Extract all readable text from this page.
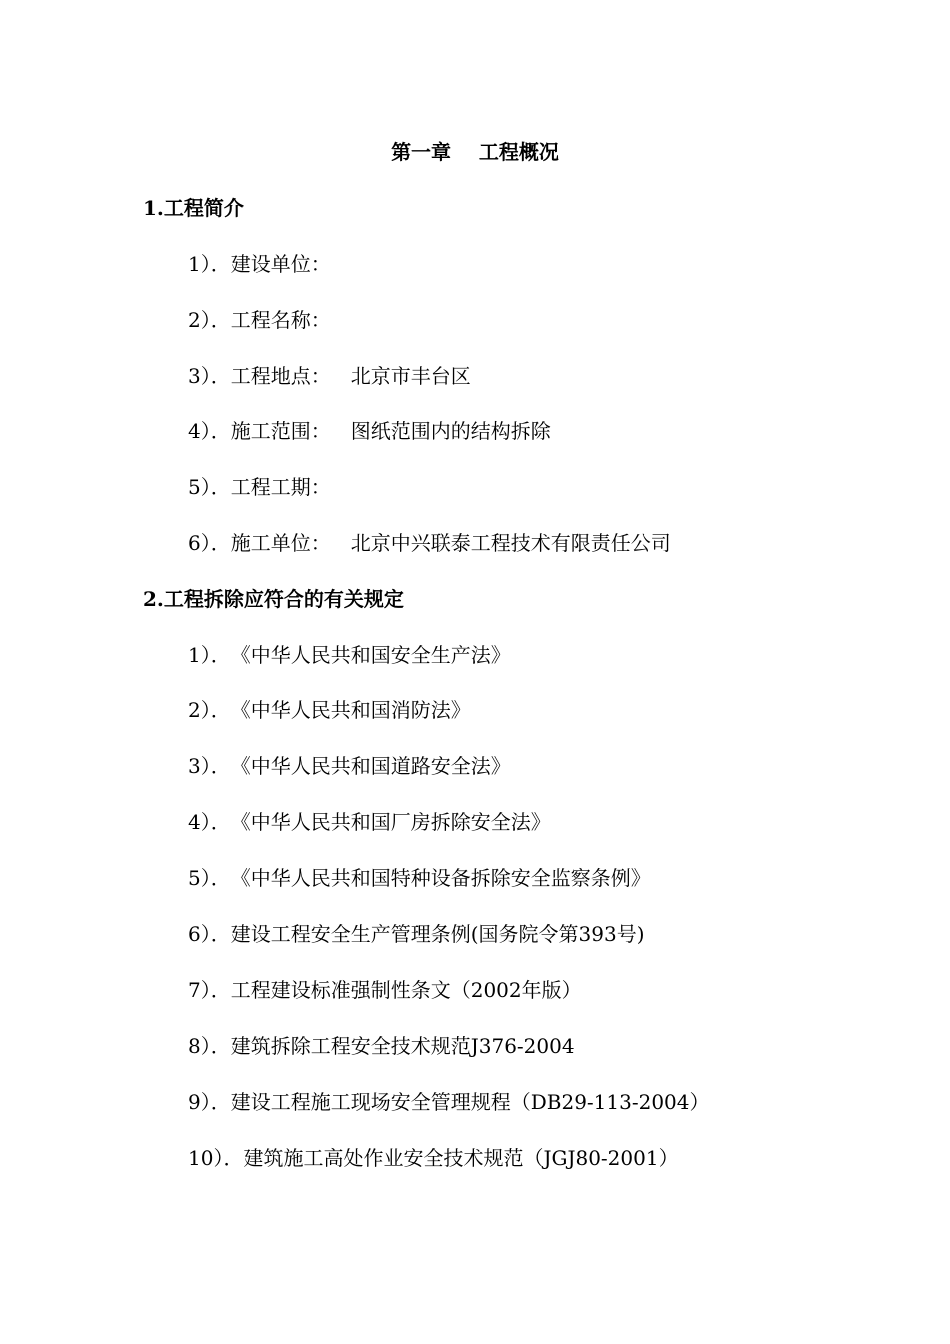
第一章    工程概况
1.工程简介
1）．建设单位：
2）．工程名称：
3）．工程地点： 北京市丰台区
4）．施工范围： 图纸范围内的结构拆除
5）．工程工期：
6）．施工单位： 北京中兴联泰工程技术有限责任公司
2.工程拆除应符合的有关规定
1）．《中华人民共和国安全生产法》
2）．《中华人民共和国消防法》
3）．《中华人民共和国道路安全法》
4）．《中华人民共和国厂房拆除安全法》
5）．《中华人民共和国特种设备拆除安全监察条例》
6）．建设工程安全生产管理条例(国务院令第393号)
7）．工程建设标准强制性条文（2002年版）
8）．建筑拆除工程安全技术规范J376-2004
9）．建设工程施工现场安全管理规程（DB29-113-2004）
10）．建筑施工高处作业安全技术规范（JGJ80-2001）
